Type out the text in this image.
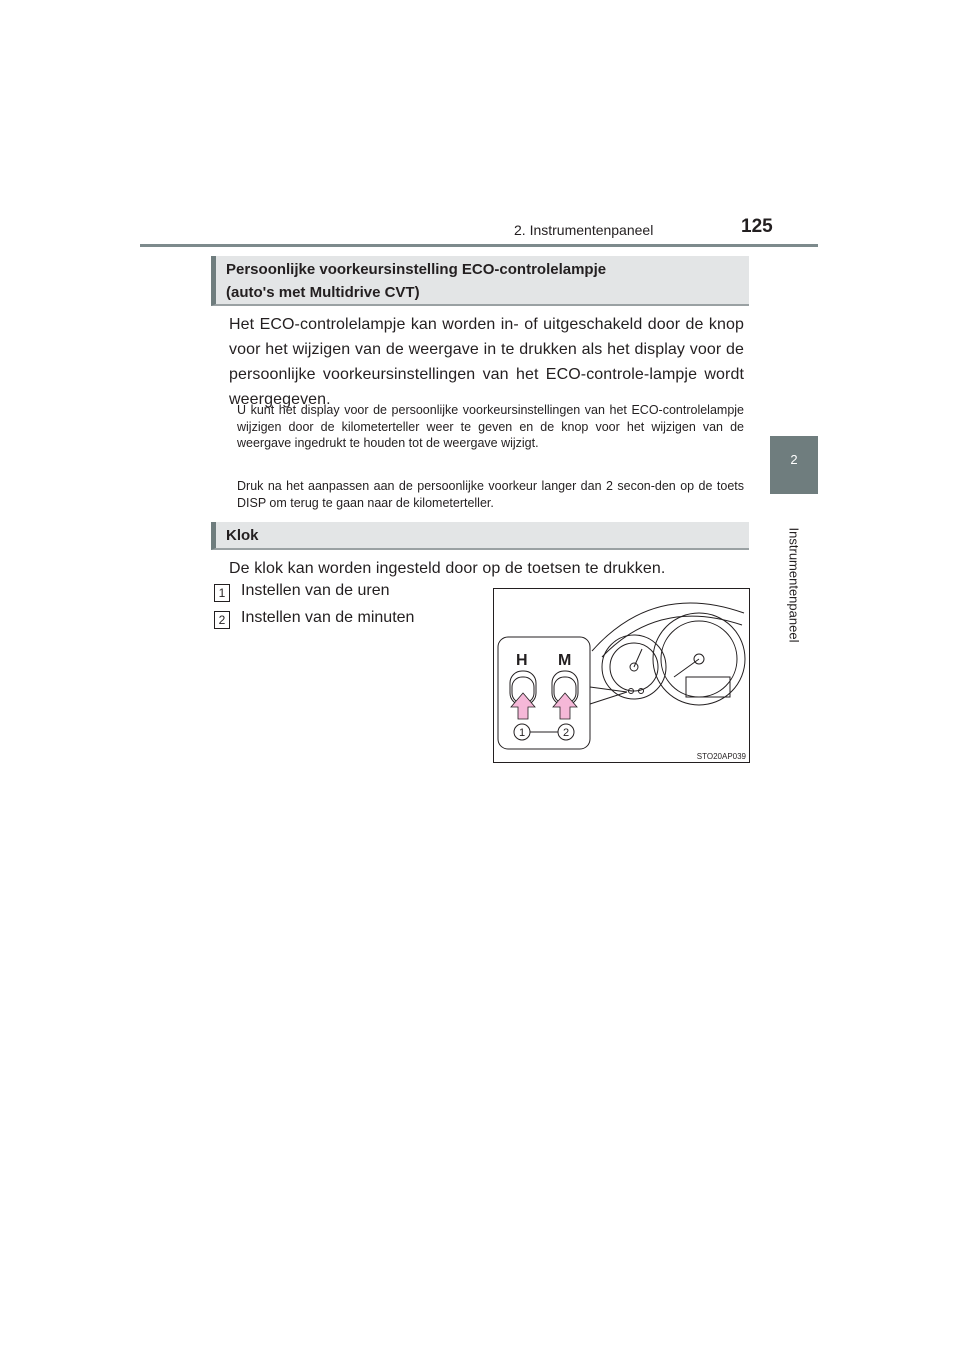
2. Instrumentenpaneel	125
2
Instrumentenpaneel
Persoonlijke voorkeursinstelling ECO-controlelampje
(auto's met Multidrive CVT)
Het ECO-controlelampje kan worden in- of uitgeschakeld door de knop voor het wijzigen van de weergave in te drukken als het display voor de persoonlijke voorkeursinstellingen van het ECO-controle-lampje wordt weergegeven.
U kunt het display voor de persoonlijke voorkeursinstellingen van het ECO-controlelampje wijzigen door de kilometerteller weer te geven en de knop voor het wijzigen van de weergave ingedrukt te houden tot de weergave wijzigt.
Druk na het aanpassen aan de persoonlijke voorkeur langer dan 2 secon-den op de toets DISP om terug te gaan naar de kilometerteller.
Klok
De klok kan worden ingesteld door op de toetsen te drukken.
1 Instellen van de uren
2 Instellen van de minuten
H M
1	2
STO20AP039
